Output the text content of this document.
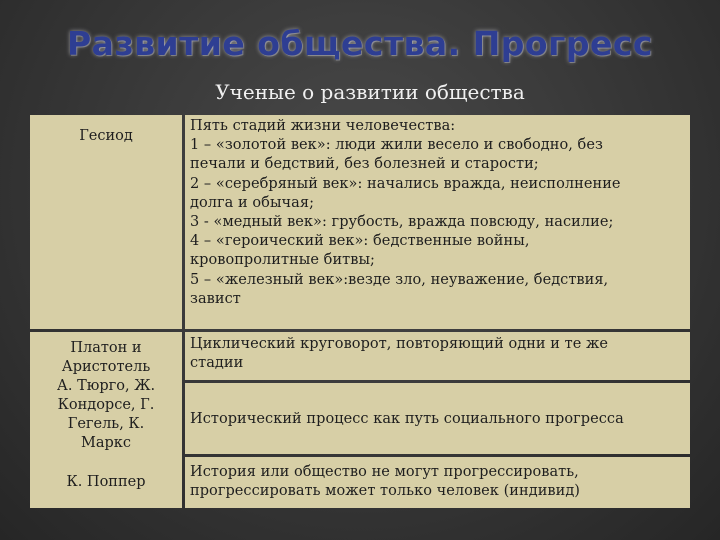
Развитие общества. Прогресс
Ученые о развитии общества
Гесиод
Пять стадий жизни человечества:
1 – «золотой век»: люди жили весело и свободно, без
печали и бедствий, без болезней и старости;
2 – «серебряный век»: начались вражда, неисполнение
долга и обычая;
3 - «медный век»: грубость, вражда повсюду, насилие;
4 – «героический век»: бедственные войны,
кровопролитные битвы;
5 – «железный век»:везде зло, неуважение, бедствия,
завист
Платон и
Аристотель
А. Тюрго, Ж.
Кондорсе, Г.
Гегель, К.
Маркс
Циклический круговорот, повторяющий одни и те же
стадии
Исторический процесс как путь социального прогресса
К. Поппер
История или общество не могут прогрессировать,
прогрессировать может только человек (индивид)
